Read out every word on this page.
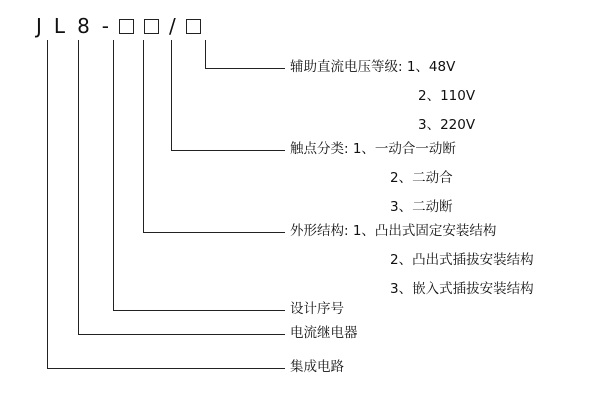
J L 8 -	/
辅助直流电压等级: 1、48V
2、110V
3、220V
触点分类: 1、一动合一动断
2、二动合
3、二动断
外形结构: 1、凸出式固定安装结构
2、凸出式插拔安装结构
3、嵌入式插拔安装结构
设计序号
电流继电器
集成电路
